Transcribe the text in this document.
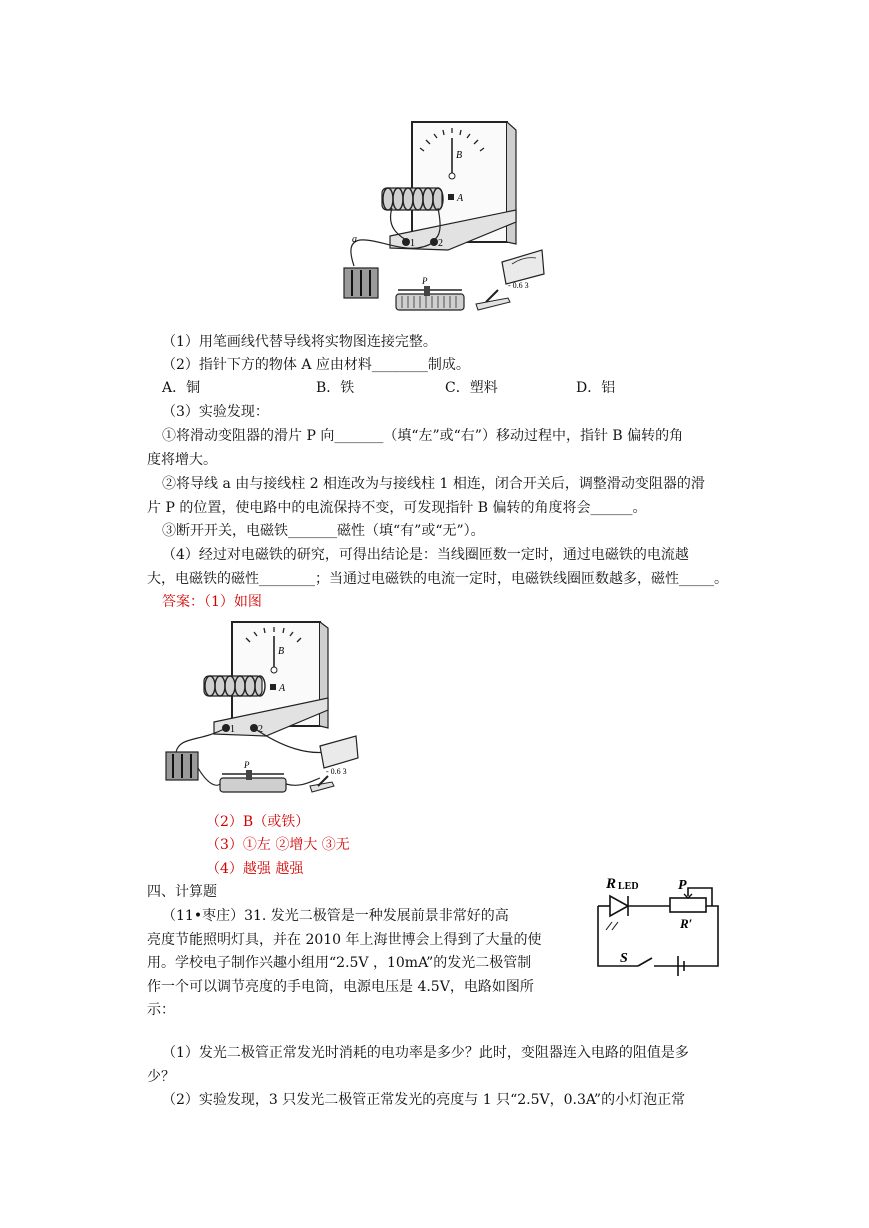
B
A
1 2
a
P	- 0.6 3
（1）用笔画线代替导线将实物图连接完整。
（2）指针下方的物体 A 应由材料________制成。
A．铜	B．铁	C．塑料	D．铝
（3）实验发现：
①将滑动变阻器的滑片 P 向_______（填“左”或“右”）移动过程中，指针 B 偏转的角
度将增大。
②将导线 a 由与接线柱 2 相连改为与接线柱 1 相连，闭合开关后，调整滑动变阻器的滑
片 P 的位置，使电路中的电流保持不变，可发现指针 B 偏转的角度将会______。
③断开开关，电磁铁_______磁性（填“有”或“无”）。
（4）经过对电磁铁的研究，可得出结论是：当线圈匝数一定时，通过电磁铁的电流越
大，电磁铁的磁性________；当通过电磁铁的电流一定时，电磁铁线圈匝数越多，磁性_____。
答案：（1）如图
B
A
1 2
P
- 0.6 3
（2）B（或铁）
（3）①左 ②增大 ③无
（4）越强 越强
四、计算题
（11•枣庄）31. 发光二极管是一种发展前景非常好的高
亮度节能照明灯具，并在 2010 年上海世博会上得到了大量的使
用。学校电子制作兴趣小组用“2.5V ，10mA”的发光二极管制
作一个可以调节亮度的手电筒，电源电压是 4.5V，电路如图所
示：
R LED	P
R′
S
（1）发光二极管正常发光时消耗的电功率是多少？此时，变阻器连入电路的阻值是多
少？
（2）实验发现，3 只发光二极管正常发光的亮度与 1 只“2.5V，0.3A”的小灯泡正常
